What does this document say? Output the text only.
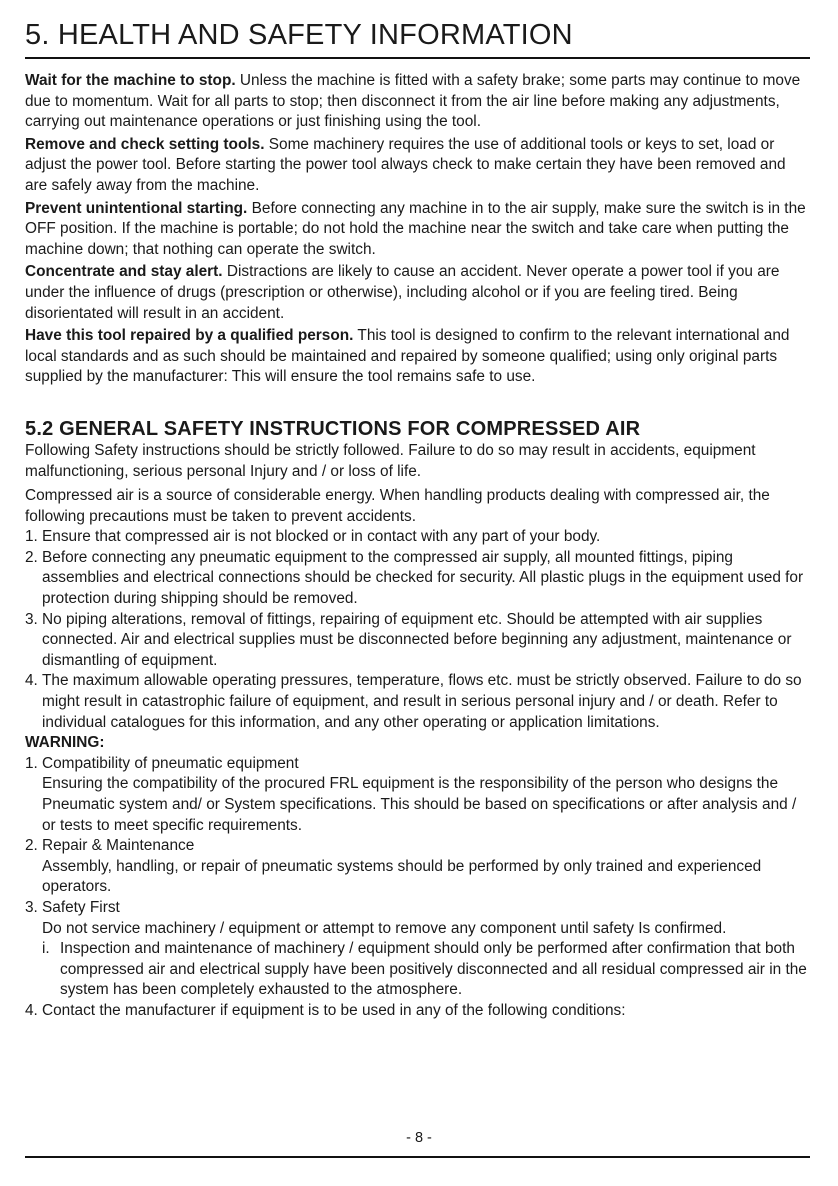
5. HEALTH AND SAFETY INFORMATION

Wait for the machine to stop. Unless the machine is fitted with a safety brake; some parts may continue to move due to momentum. Wait for all parts to stop; then disconnect it from the air line before making any adjustments, carrying out maintenance operations or just finishing using the tool.

Remove and check setting tools. Some machinery requires the use of additional tools or keys to set, load or adjust the power tool. Before starting the power tool always check to make certain they have been removed and are safely away from the machine.

Prevent unintentional starting. Before connecting any machine in to the air supply, make sure the switch is in the OFF position. If the machine is portable; do not hold the machine near the switch and take care when putting the machine down; that nothing can operate the switch.

Concentrate and stay alert. Distractions are likely to cause an accident. Never operate a power tool if you are under the influence of drugs (prescription or otherwise), including alcohol or if you are feeling tired. Being disorientated will result in an accident.

Have this tool repaired by a qualified person. This tool is designed to confirm to the relevant international and local standards and as such should be maintained and repaired by someone qualified; using only original parts supplied by the manufacturer: This will ensure the tool remains safe to use.

5.2 GENERAL SAFETY INSTRUCTIONS FOR COMPRESSED AIR

Following Safety instructions should be strictly followed. Failure to do so may result in accidents, equipment malfunctioning, serious personal Injury and / or loss of life.

Compressed air is a source of considerable energy. When handling products dealing with compressed air, the following precautions must be taken to prevent accidents.

1. Ensure that compressed air is not blocked or in contact with any part of your body.
2. Before connecting any pneumatic equipment to the compressed air supply, all mounted fittings, piping assemblies and electrical connections should be checked for security. All plastic plugs in the equipment used for protection during shipping should be removed.
3. No piping alterations, removal of fittings, repairing of equipment etc. Should be attempted with air supplies connected. Air and electrical supplies must be disconnected before beginning any adjustment, maintenance or dismantling of equipment.
4. The maximum allowable operating pressures, temperature, flows etc. must be strictly observed. Failure to do so might result in catastrophic failure of equipment, and result in serious personal injury and / or death. Refer to individual catalogues for this information, and any other operating or application limitations.
WARNING:
1. Compatibility of pneumatic equipment
Ensuring the compatibility of the procured FRL equipment is the responsibility of the person who designs the Pneumatic system and/ or System specifications. This should be based on specifications or after analysis and / or tests to meet specific requirements.
2. Repair & Maintenance
Assembly, handling, or repair of pneumatic systems should be performed by only trained and experienced operators.
3. Safety First
Do not service machinery / equipment or attempt to remove any component until safety Is confirmed.
i. Inspection and maintenance of machinery / equipment should only be performed after confirmation that both compressed air and electrical supply have been positively disconnected and all residual compressed air in the system has been completely exhausted to the atmosphere.
4. Contact the manufacturer if equipment is to be used in any of the following conditions:
- 8 -
